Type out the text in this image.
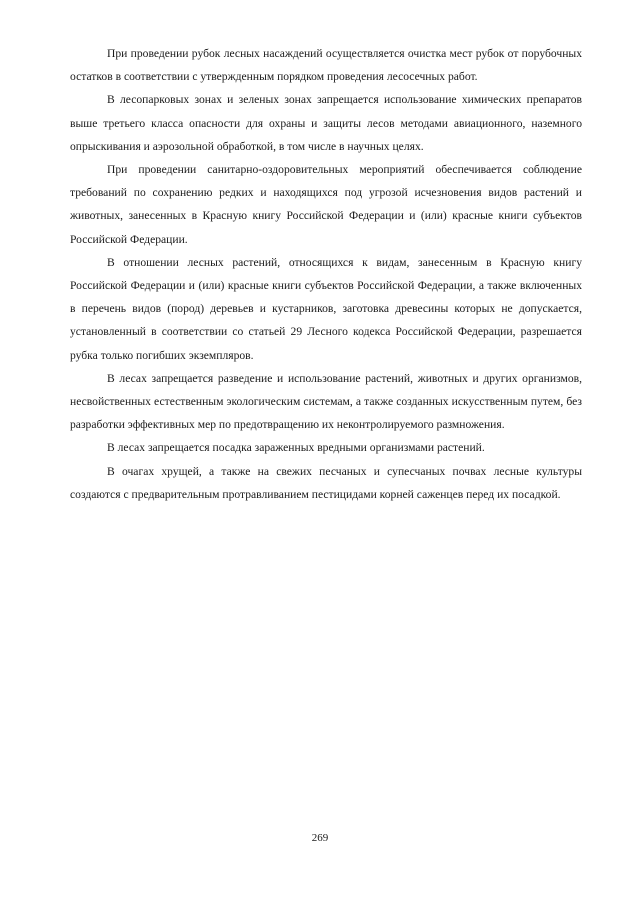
При проведении рубок лесных насаждений осуществляется очистка мест рубок от порубочных остатков в соответствии с утвержденным порядком проведения лесосечных работ.

В лесопарковых зонах и зеленых зонах запрещается использование химических препаратов выше третьего класса опасности для охраны и защиты лесов методами авиационного, наземного опрыскивания и аэрозольной обработкой, в том числе в научных целях.

При проведении санитарно-оздоровительных мероприятий обеспечивается соблюдение требований по сохранению редких и находящихся под угрозой исчезновения видов растений и животных, занесенных в Красную книгу Российской Федерации и (или) красные книги субъектов Российской Федерации.

В отношении лесных растений, относящихся к видам, занесенным в Красную книгу Российской Федерации и (или) красные книги субъектов Российской Федерации, а также включенных в перечень видов (пород) деревьев и кустарников, заготовка древесины которых не допускается, установленный в соответствии со статьей 29 Лесного кодекса Российской Федерации, разрешается рубка только погибших экземпляров.

В лесах запрещается разведение и использование растений, животных и других организмов, несвойственных естественным экологическим системам, а также созданных искусственным путем, без разработки эффективных мер по предотвращению их неконтролируемого размножения.

В лесах запрещается посадка зараженных вредными организмами растений.

В очагах хрущей, а также на свежих песчаных и супесчаных почвах лесные культуры создаются с предварительным протравливанием пестицидами корней саженцев перед их посадкой.

269
